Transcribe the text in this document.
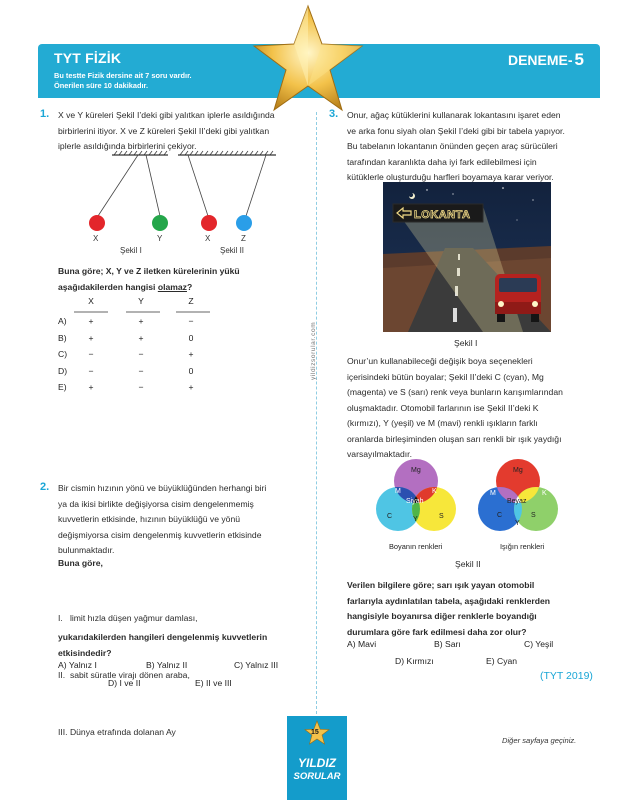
TYT FİZİK
Bu testte Fizik dersine ait 7 soru vardır.
Önerilen süre 10 dakikadır.
DENEME- 5
yildizsorular.com
1. X ve Y küreleri Şekil I’deki gibi yalıtkan iplerle asıldığında
birbirlerini itiyor. X ve Z küreleri Şekil II’deki gibi yalıtkan
iplerle asıldığında birbirlerini çekiyor.
X	Y
Şekil I
X	Z
Şekil II
Buna göre; X, Y ve Z iletken kürelerinin yükü
aşağıdakilerden hangisi olamaz?
X	Y	Z
A)	+	+	−
B)	+	+	0
C)	−	−	+
D)	−	−	0
E)	+	−	+
2. Bir cismin hızının yönü ve büyüklüğünden herhangi biri
ya da ikisi birlikte değişiyorsa cisim dengelenmemiş
kuvvetlerin etkisinde, hızının büyüklüğü ve yönü
değişmiyorsa cisim dengelenmiş kuvvetlerin etkisinde
bulunmaktadır.
Buna göre,

I.   limit hızla düşen yağmur damlası,

II.  sabit süratle virajı dönen araba,

III. Dünya etrafında dolanan Ay

yukarıdakilerden hangileri dengelenmiş kuvvetlerin
etkisindedir?
A) Yalnız I	B) Yalnız II	C) Yalnız III
D) I ve II	E) II ve III
3. Onur, ağaç kütüklerini kullanarak lokantasını işaret eden
ve arka fonu siyah olan Şekil I’deki gibi bir tabela yapıyor.
Bu tabelanın lokantanın önünden geçen araç sürücüleri
tarafından karanlıkta daha iyi fark edilebilmesi için
kütüklerle oluşturduğu harfleri boyamaya karar veriyor.
LOKANTA
Şekil I
Onur’un kullanabileceği değişik boya seçenekleri
içerisindeki bütün boyalar; Şekil II’deki C (cyan), Mg
(magenta) ve S (sarı) renk veya bunların karışımlarından
oluşmaktadır. Otomobil farlarının ise Şekil II’deki K
(kırmızı), Y (yeşil) ve M (mavi) renkli ışıkların farklı
oranlarda birleşiminden oluşan sarı renkli bir ışık yaydığı
varsayılmaktadır.
Mg
M	K
Siyah
C	Y	S
Boyanın renkleri
Mg
M	K
Beyaz
C	S
Y
Işığın renkleri
Şekil II
Verilen bilgilere göre; sarı ışık yayan otomobil
farlarıyla aydınlatılan tabela, aşağıdaki renklerden
hangisiyle boyanırsa diğer renklerle boyandığı
durumlara göre fark edilmesi daha zor olur?
A) Mavi	B) Sarı	C) Yeşil
D) Kırmızı	E) Cyan
(TYT 2019)
Diğer sayfaya geçiniz.
15
YILDIZ
SORULAR
